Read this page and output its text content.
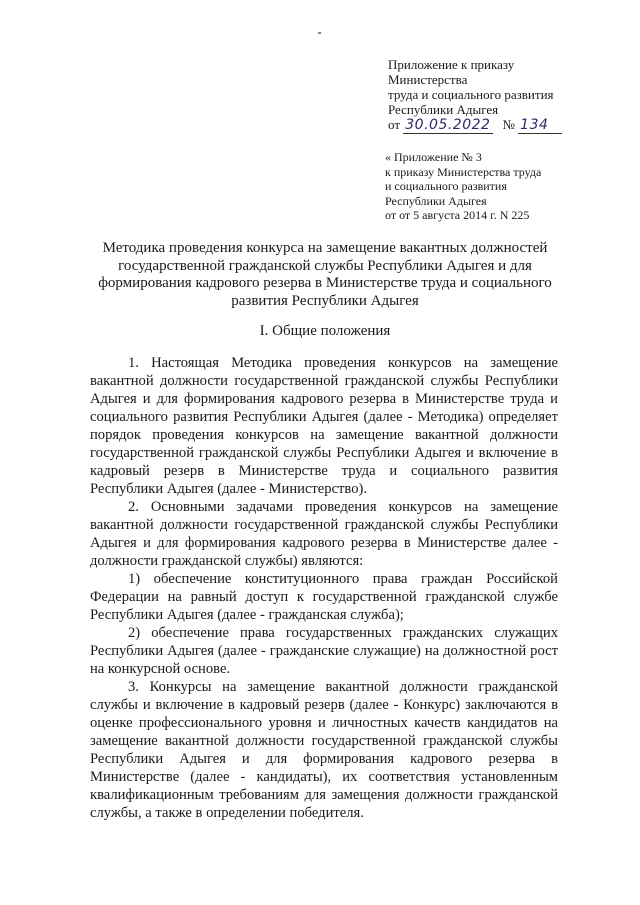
Приложение к приказу
Министерства
труда и социального развития
Республики Адыгея
от 30.05.2022 № 134
« Приложение № 3
к приказу Министерства труда
и социального развития
Республики Адыгея
от от 5 августа 2014 г. N 225
Методика проведения конкурса на замещение вакантных должностей государственной гражданской службы Республики Адыгея и для формирования кадрового резерва в Министерстве труда и социального развития Республики Адыгея
I. Общие положения

1. Настоящая Методика проведения конкурсов на замещение вакантной должности государственной гражданской службы Республики Адыгея и для формирования кадрового резерва в Министерстве труда и социального развития Республики Адыгея (далее - Методика) определяет порядок проведения конкурсов на замещение вакантной должности государственной гражданской службы Республики Адыгея и включение в кадровый резерв в Министерстве труда и социального развития Республики Адыгея (далее - Министерство).

2. Основными задачами проведения конкурсов на замещение вакантной должности государственной гражданской службы Республики Адыгея и для формирования кадрового резерва в Министерстве далее - должности гражданской службы) являются:

1) обеспечение конституционного права граждан Российской Федерации на равный доступ к государственной гражданской службе Республики Адыгея (далее - гражданская служба);

2) обеспечение права государственных гражданских служащих Республики Адыгея (далее - гражданские служащие) на должностной рост на конкурсной основе.

3. Конкурсы на замещение вакантной должности гражданской службы и включение в кадровый резерв (далее - Конкурс) заключаются в оценке профессионального уровня и личностных качеств кандидатов на замещение вакантной должности государственной гражданской службы Республики Адыгея и для формирования кадрового резерва в Министерстве (далее - кандидаты), их соответствия установленным квалификационным требованиям для замещения должности гражданской службы, а также в определении победителя.
